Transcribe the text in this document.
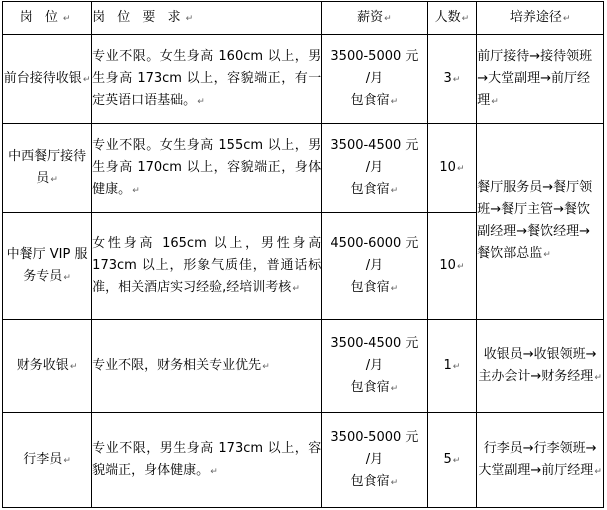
岗 位↵	岗 位 要 求↵	薪资↵	人数↵	培养途径↵
前台接待收银↵	专业不限。女生身高 160cm 以上，男生身高 173cm 以上，容貌端正，有一定英语口语基础。↵	3500-5000 元
/月
包食宿↵	3↵	前厅接待→接待领班→大堂副理→前厅经理↵
中西餐厅接待员↵	专业不限。女生身高 155cm 以上，男生身高 170cm 以上，容貌端正，身体健康。↵	3500-4500 元
/月
包食宿↵	10↵	餐厅服务员→餐厅领班→餐厅主管→餐饮副经理→餐饮经理→餐饮部总监↵
中餐厅 VIP 服务专员↵	女性身高 165cm 以上，男性身高 173cm 以上，形象气质佳，普通话标准，相关酒店实习经验,经培训考核↵	4500-6000 元
/月
包食宿↵	10↵	
财务收银↵	专业不限，财务相关专业优先↵	3500-4500 元
/月
包食宿↵	1↵	收银员→收银领班→主办会计→财务经理↵
行李员↵	专业不限，男生身高 173cm 以上，容貌端正，身体健康。↵	3500-5000 元
/月
包食宿↵	5↵	行李员→行李领班→大堂副理→前厅经理↵
